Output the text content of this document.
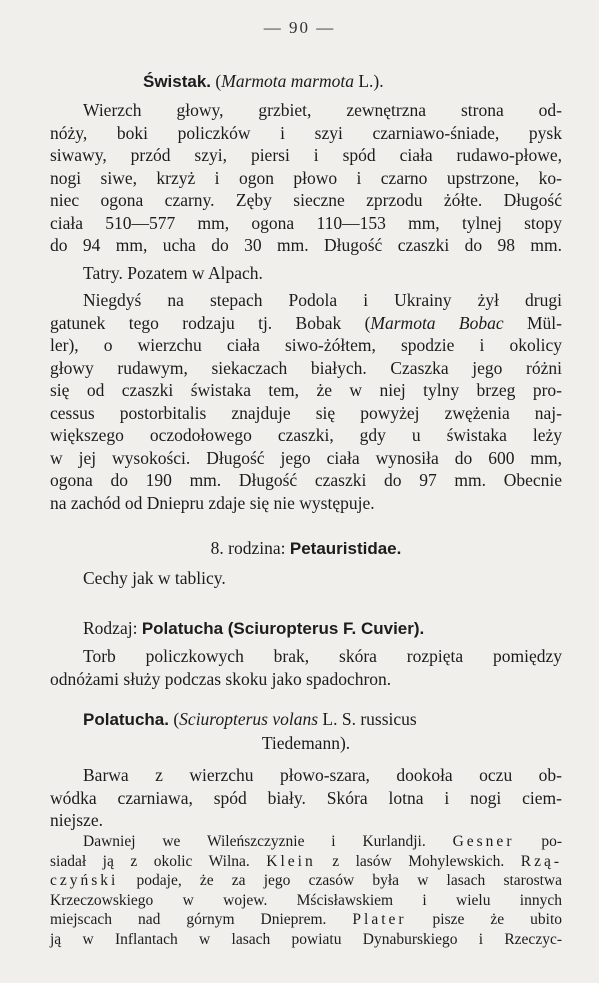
— 90 —
Świstak. (Marmota marmota L.).
Wierzch głowy, grzbiet, zewnętrzna strona od-
nóży, boki policzków i szyi czarniawo-śniade, pysk
siwawy, przód szyi, piersi i spód ciała rudawo-płowe,
nogi siwe, krzyż i ogon płowo i czarno upstrzone, ko-
niec ogona czarny. Zęby sieczne zprzodu żółte. Długość
ciała 510—577 mm, ogona 110—153 mm, tylnej stopy
do 94 mm, ucha do 30 mm. Długość czaszki do 98 mm.
Tatry. Pozatem w Alpach.
Niegdyś na stepach Podola i Ukrainy żył drugi
gatunek tego rodzaju tj. Bobak (Marmota Bobac Mül-
ler), o wierzchu ciała siwo-żółtem, spodzie i okolicy
głowy rudawym, siekaczach białych. Czaszka jego różni
się od czaszki świstaka tem, że w niej tylny brzeg pro-
cessus postorbitalis znajduje się powyżej zwężenia naj-
większego oczodołowego czaszki, gdy u świstaka leży
w jej wysokości. Długość jego ciała wynosiła do 600 mm,
ogona do 190 mm. Długość czaszki do 97 mm. Obecnie
na zachód od Dniepru zdaje się nie występuje.
8. rodzina: Petauristidae.
Cechy jak w tablicy.
Rodzaj: Polatucha (Sciuropterus F. Cuvier).
Torb policzkowych brak, skóra rozpięta pomiędzy
odnóżami służy podczas skoku jako spadochron.
Polatucha. (Sciuropterus volans L. S. russicus
Tiedemann).
Barwa z wierzchu płowo-szara, dookoła oczu ob-
wódka czarniawa, spód biały. Skóra lotna i nogi ciem-
niejsze.
Dawniej we Wileńszczyznie i Kurlandji. Gesner po-
siadał ją z okolic Wilna. Klein z lasów Mohylewskich. Rzą-
czyński podaje, że za jego czasów była w lasach starostwa
Krzeczowskiego w wojew. Mścisławskiem i wielu innych
miejscach nad górnym Dnieprem. Plater pisze że ubito
ją w Inflantach w lasach powiatu Dynaburskiego i Rzeczyc-
